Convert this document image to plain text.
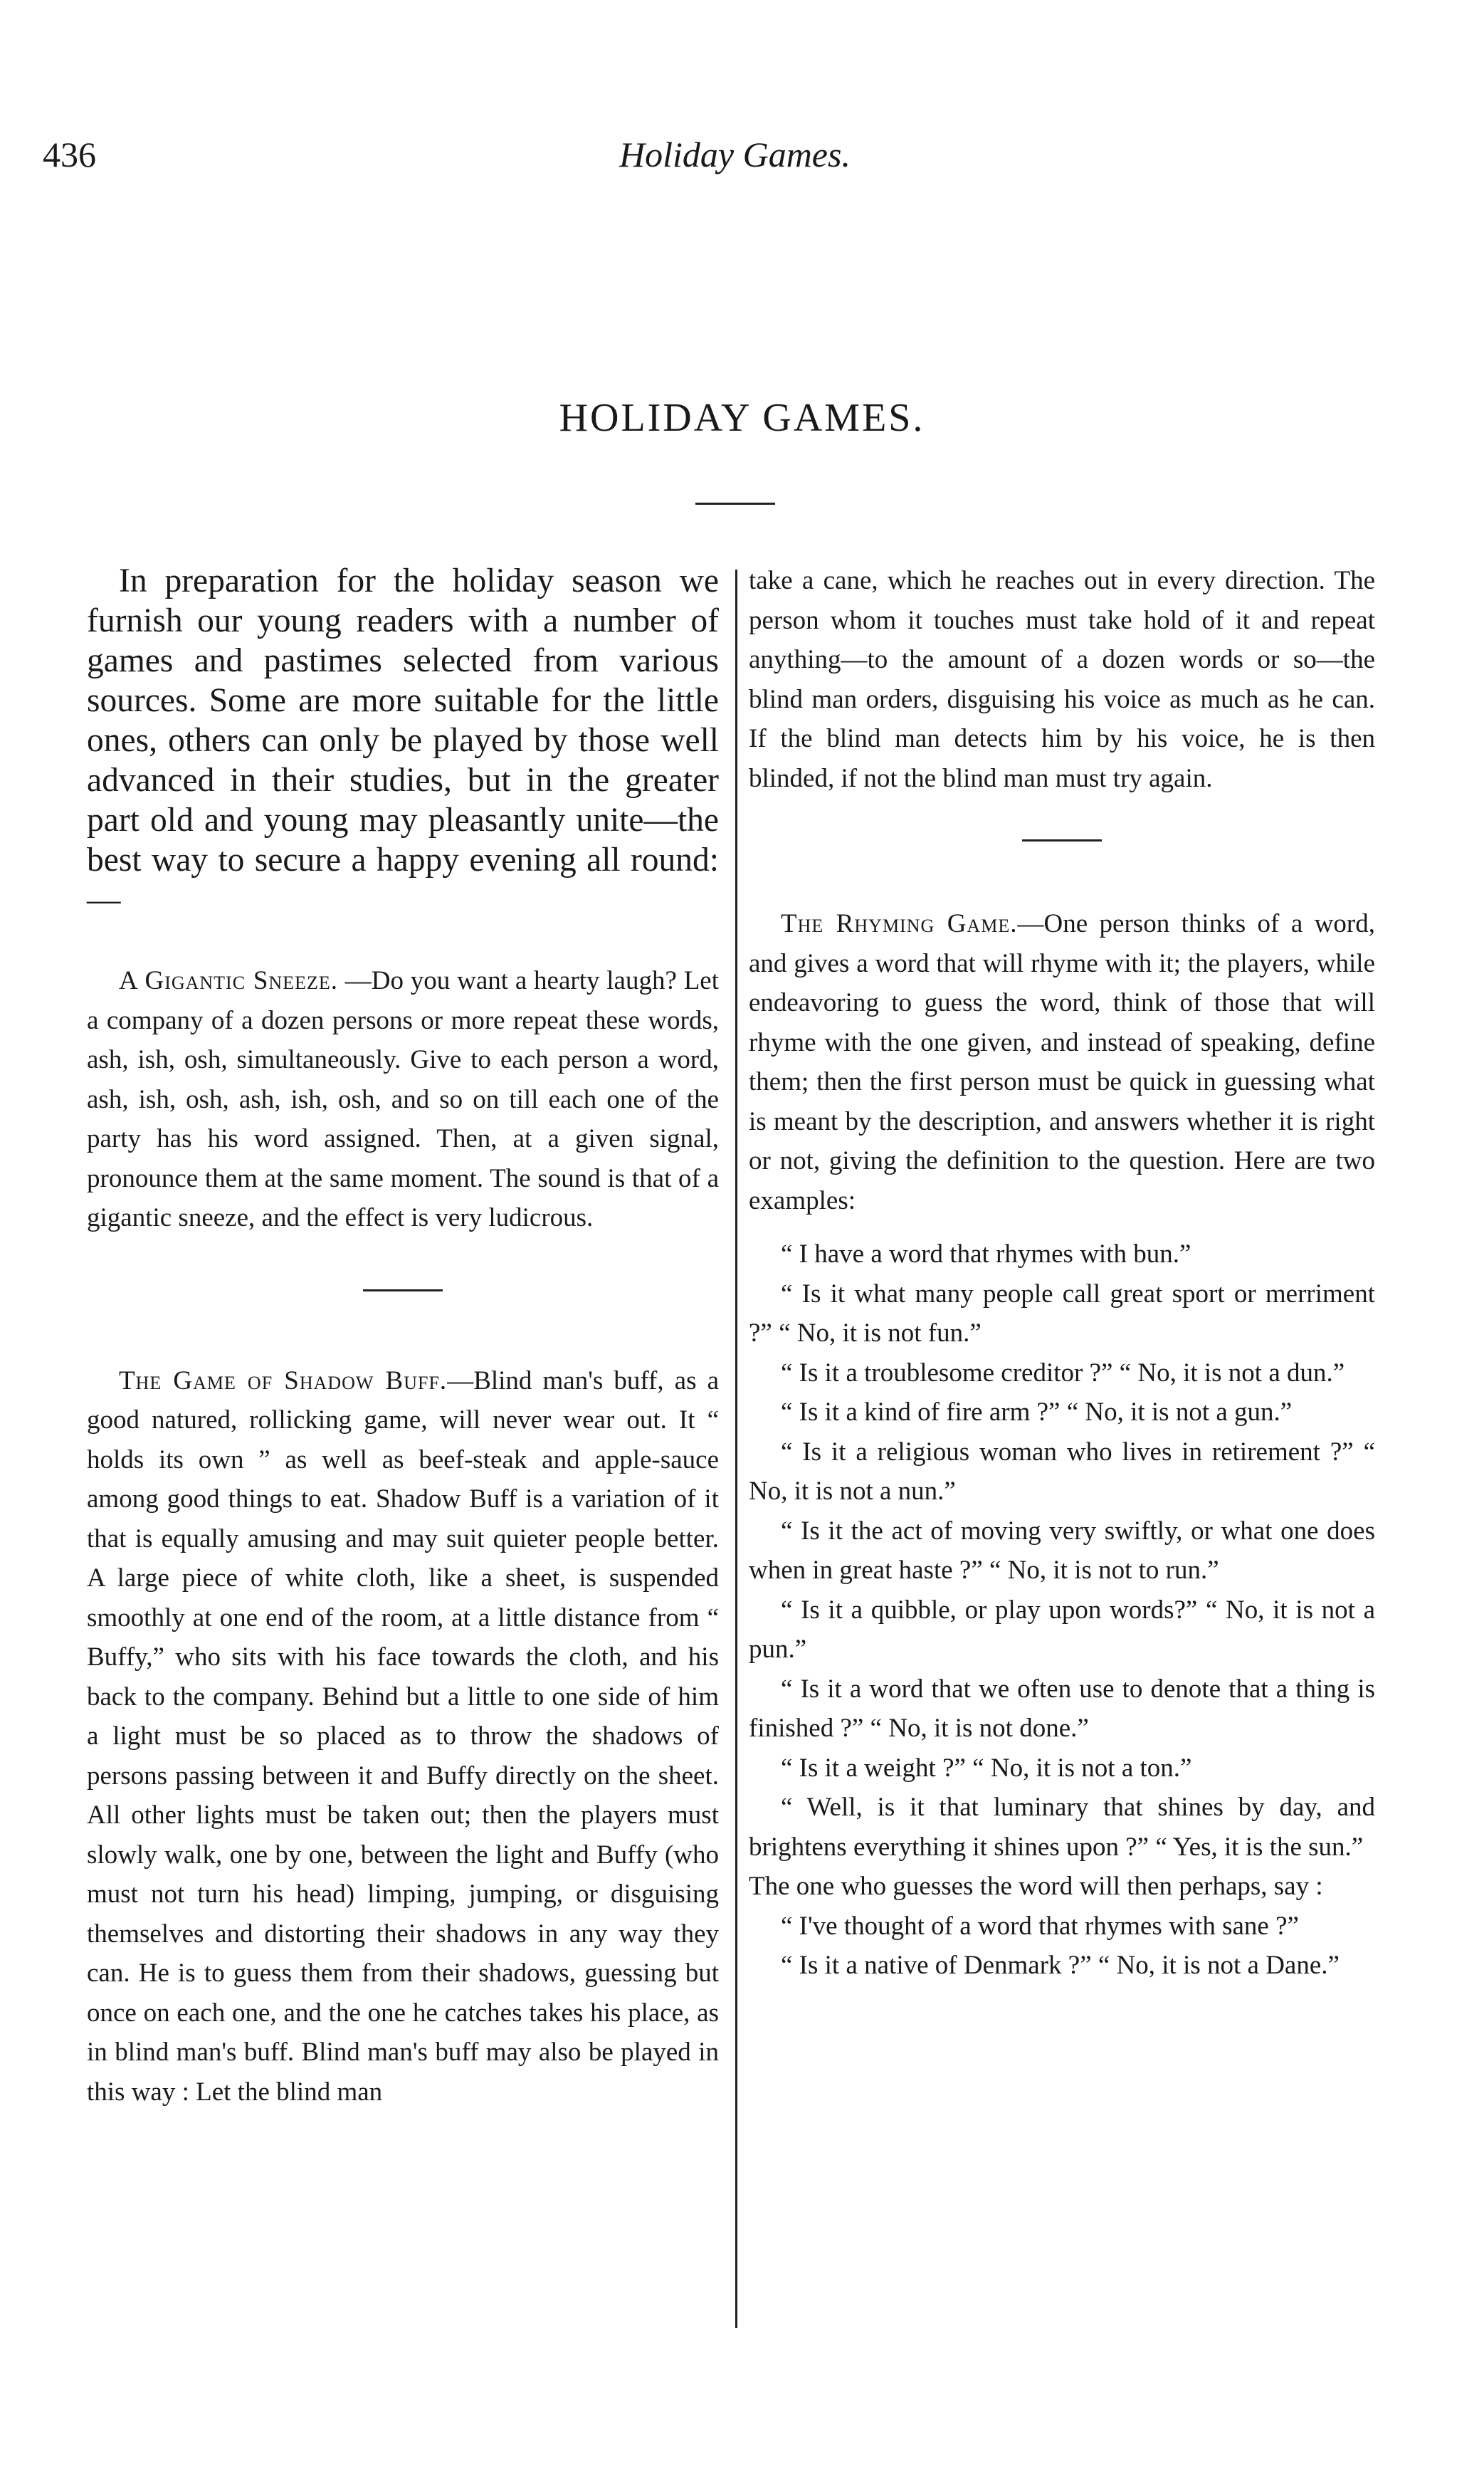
436	Holiday Games.
HOLIDAY GAMES.

In preparation for the holiday season we furnish our young readers with a number of games and pastimes selected from various sources. Some are more suitable for the little ones, others can only be played by those well advanced in their studies, but in the greater part old and young may pleasantly unite—the best way to secure a happy evening all round:—

A Gigantic Sneeze. —Do you want a hearty laugh? Let a company of a dozen persons or more repeat these words, ash, ish, osh, simultaneously. Give to each person a word, ash, ish, osh, ash, ish, osh, and so on till each one of the party has his word assigned. Then, at a given signal, pronounce them at the same moment. The sound is that of a gigantic sneeze, and the effect is very ludicrous.

The Game of Shadow Buff.—Blind man's buff, as a good natured, rollicking game, will never wear out. It “ holds its own ” as well as beef-steak and apple-sauce among good things to eat. Shadow Buff is a variation of it that is equally amusing and may suit quieter people better. A large piece of white cloth, like a sheet, is suspended smoothly at one end of the room, at a little distance from “ Buffy,” who sits with his face towards the cloth, and his back to the company. Behind but a little to one side of him a light must be so placed as to throw the shadows of persons passing between it and Buffy directly on the sheet. All other lights must be taken out; then the players must slowly walk, one by one, between the light and Buffy (who must not turn his head) limping, jumping, or disguising themselves and distorting their shadows in any way they can. He is to guess them from their shadows, guessing but once on each one, and the one he catches takes his place, as in blind man's buff. Blind man's buff may also be played in this way : Let the blind man

take a cane, which he reaches out in every direction. The person whom it touches must take hold of it and repeat anything—to the amount of a dozen words or so—the blind man orders, disguising his voice as much as he can. If the blind man detects him by his voice, he is then blinded, if not the blind man must try again.

The Rhyming Game.—One person thinks of a word, and gives a word that will rhyme with it; the players, while endeavoring to guess the word, think of those that will rhyme with the one given, and instead of speaking, define them; then the first person must be quick in guessing what is meant by the description, and answers whether it is right or not, giving the definition to the question. Here are two examples:

“ I have a word that rhymes with bun.”

“ Is it what many people call great sport or merriment ?” “ No, it is not fun.”

“ Is it a troublesome creditor ?” “ No, it is not a dun.”

“ Is it a kind of fire arm ?” “ No, it is not a gun.”

“ Is it a religious woman who lives in retirement ?” “ No, it is not a nun.”

“ Is it the act of moving very swiftly, or what one does when in great haste ?” “ No, it is not to run.”

“ Is it a quibble, or play upon words?” “ No, it is not a pun.”

“ Is it a word that we often use to denote that a thing is finished ?” “ No, it is not done.”

“ Is it a weight ?” “ No, it is not a ton.”

“ Well, is it that luminary that shines by day, and brightens everything it shines upon ?” “ Yes, it is the sun.”

The one who guesses the word will then perhaps, say :

“ I've thought of a word that rhymes with sane ?”

“ Is it a native of Denmark ?” “ No, it is not a Dane.”
